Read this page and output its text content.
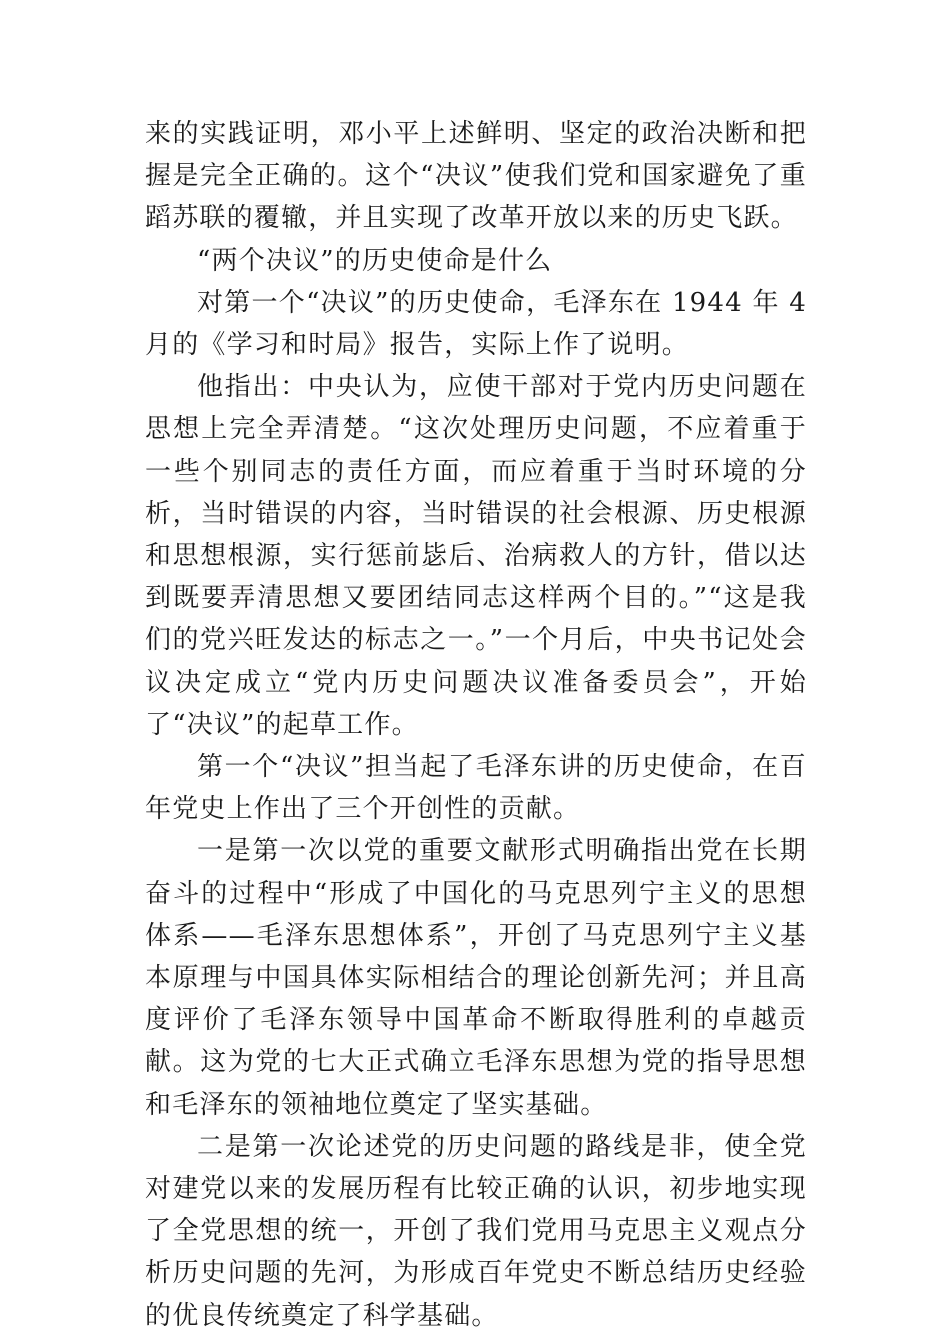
来的实践证明，邓小平上述鲜明、坚定的政治决断和把握是完全正确的。这个“决议”使我们党和国家避免了重蹈苏联的覆辙，并且实现了改革开放以来的历史飞跃。

“两个决议”的历史使命是什么

对第一个“决议”的历史使命，毛泽东在 1944 年 4 月的《学习和时局》报告，实际上作了说明。

他指出：中央认为，应使干部对于党内历史问题在思想上完全弄清楚。“这次处理历史问题，不应着重于一些个别同志的责任方面，而应着重于当时环境的分析，当时错误的内容，当时错误的社会根源、历史根源和思想根源，实行惩前毖后、治病救人的方针，借以达到既要弄清思想又要团结同志这样两个目的。”“这是我们的党兴旺发达的标志之一。”一个月后，中央书记处会议决定成立“党内历史问题决议准备委员会”，开始了“决议”的起草工作。

第一个“决议”担当起了毛泽东讲的历史使命，在百年党史上作出了三个开创性的贡献。

一是第一次以党的重要文献形式明确指出党在长期奋斗的过程中“形成了中国化的马克思列宁主义的思想体系——毛泽东思想体系”，开创了马克思列宁主义基本原理与中国具体实际相结合的理论创新先河；并且高度评价了毛泽东领导中国革命不断取得胜利的卓越贡献。这为党的七大正式确立毛泽东思想为党的指导思想和毛泽东的领袖地位奠定了坚实基础。

二是第一次论述党的历史问题的路线是非，使全党对建党以来的发展历程有比较正确的认识，初步地实现了全党思想的统一，开创了我们党用马克思主义观点分析历史问题的先河，为形成百年党史不断总结历史经验的优良传统奠定了科学基础。
